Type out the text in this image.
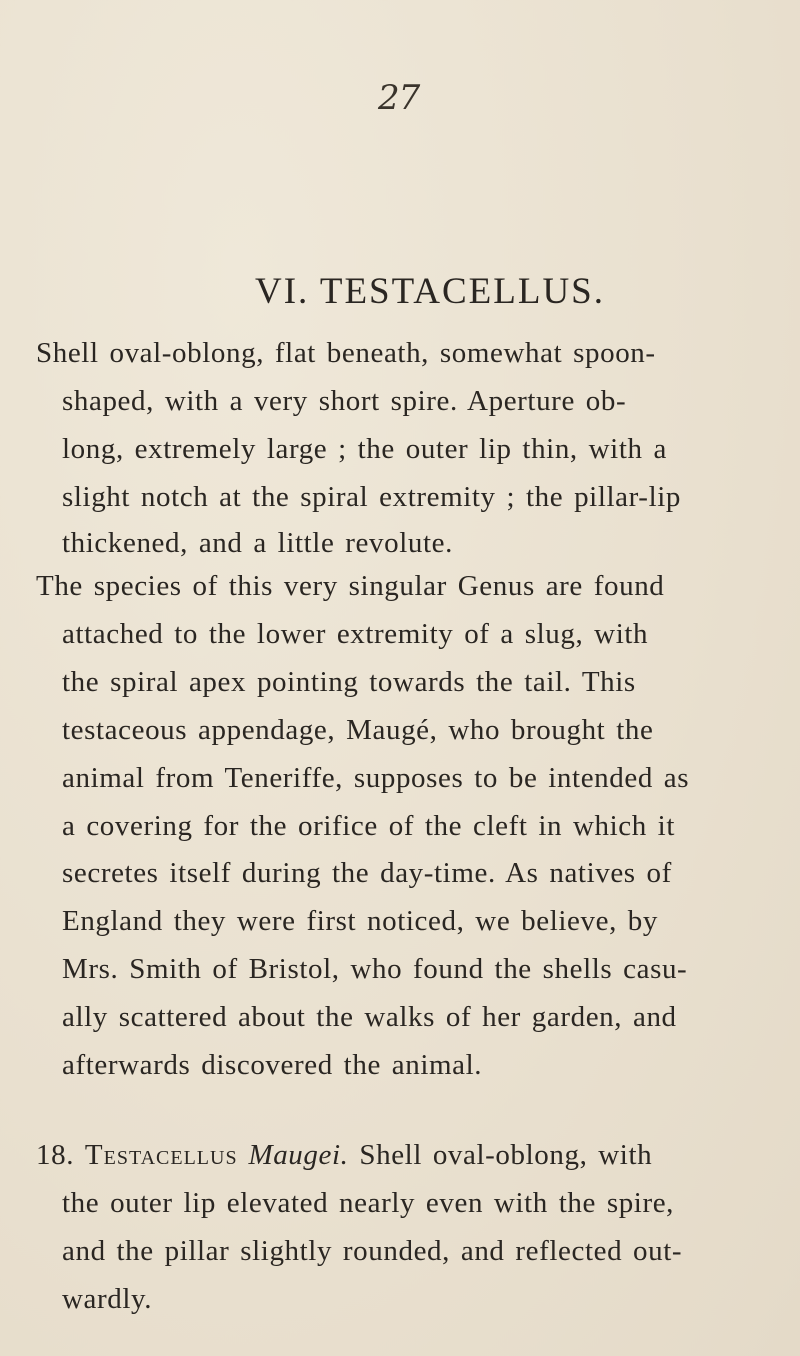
27
VI. TESTACELLUS.
Shell oval-oblong, flat beneath, somewhat spoon-
shaped, with a very short spire. Aperture ob-
long, extremely large ; the outer lip thin, with a
slight notch at the spiral extremity ; the pillar-lip
thickened, and a little revolute.
The species of this very singular Genus are found
attached to the lower extremity of a slug, with
the spiral apex pointing towards the tail. This
testaceous appendage, Maugé, who brought the
animal from Teneriffe, supposes to be intended as
a covering for the orifice of the cleft in which it
secretes itself during the day-time. As natives of
England they were first noticed, we believe, by
Mrs. Smith of Bristol, who found the shells casu-
ally scattered about the walks of her garden, and
afterwards discovered the animal.
18. Testacellus Maugei. Shell oval-oblong, with
the outer lip elevated nearly even with the spire,
and the pillar slightly rounded, and reflected out-
wardly.
